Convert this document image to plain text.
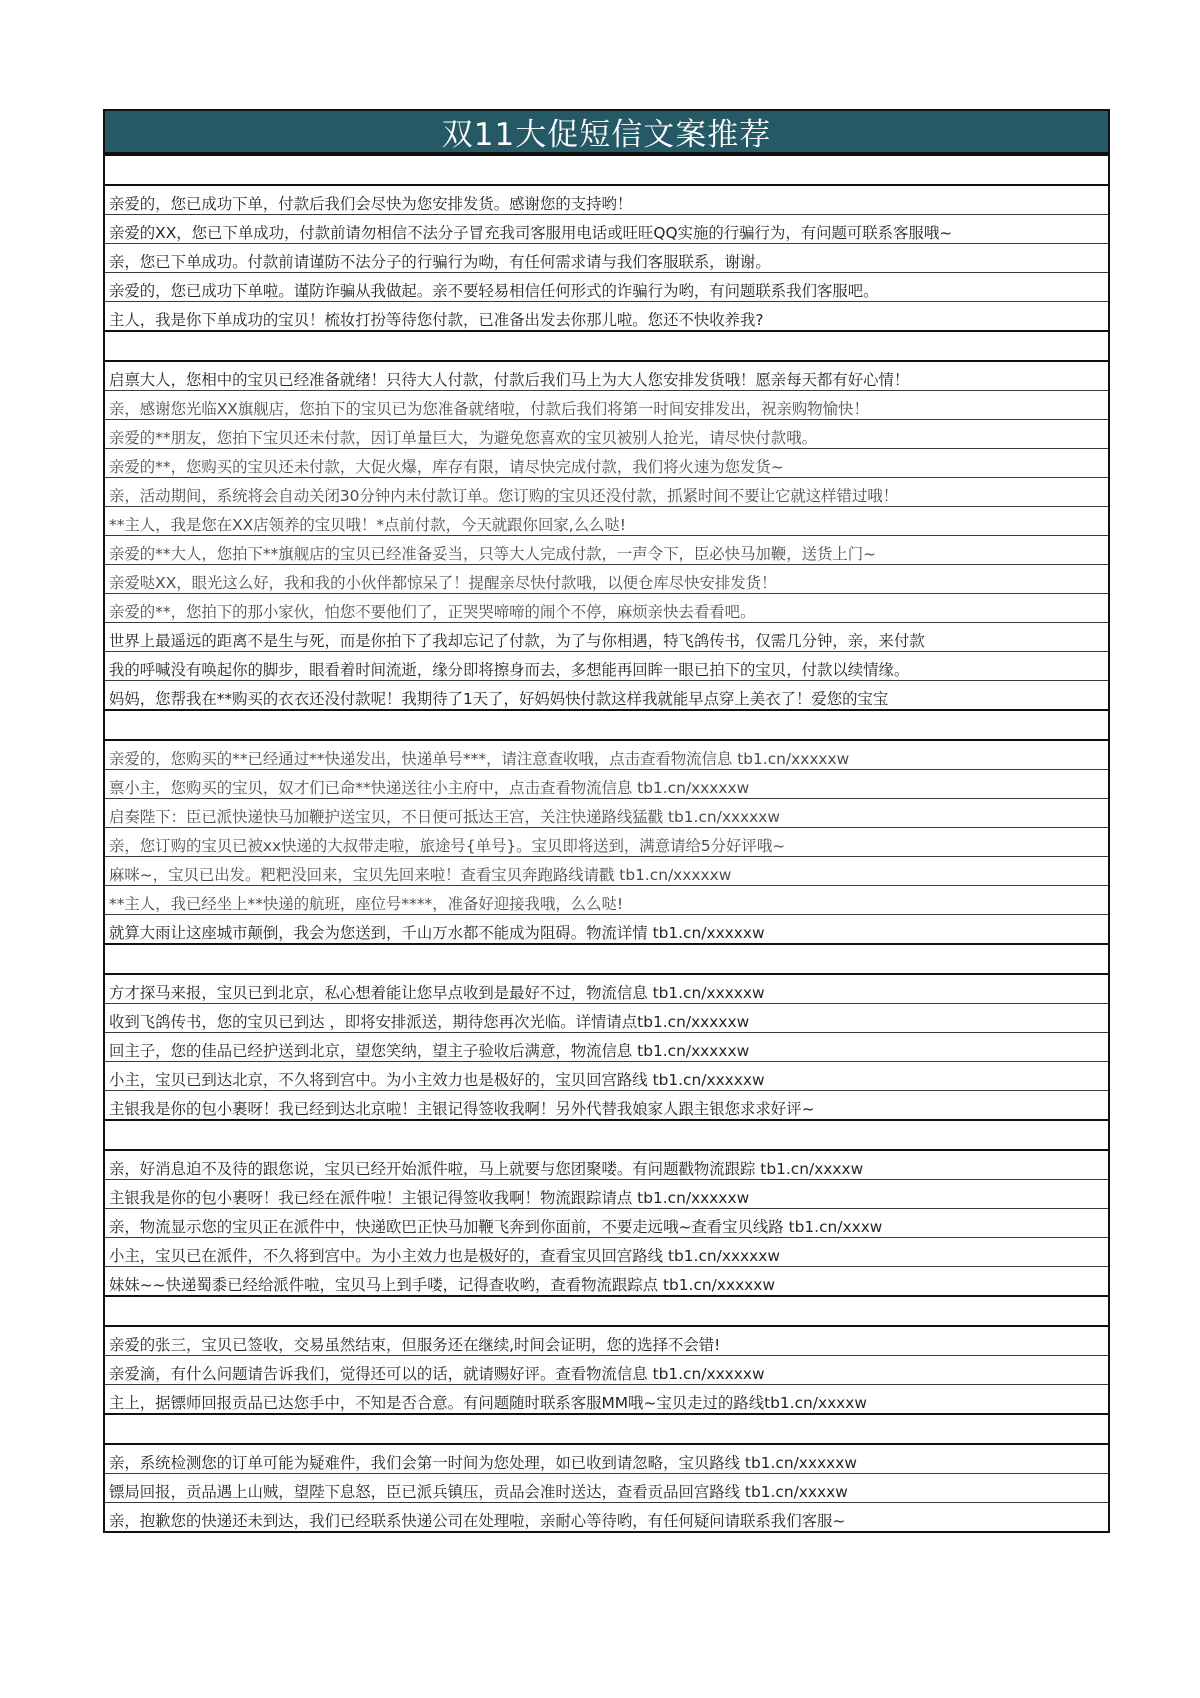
双11大促短信文案推荐

亲爱的，您已成功下单，付款后我们会尽快为您安排发货。感谢您的支持哟！
亲爱的XX，您已下单成功，付款前请勿相信不法分子冒充我司客服用电话或旺旺QQ实施的行骗行为，有问题可联系客服哦~
亲，您已下单成功。付款前请谨防不法分子的行骗行为呦，有任何需求请与我们客服联系，谢谢。
亲爱的，您已成功下单啦。谨防诈骗从我做起。亲不要轻易相信任何形式的诈骗行为哟，有问题联系我们客服吧。
主人，我是你下单成功的宝贝！梳妆打扮等待您付款，已准备出发去你那儿啦。您还不快收养我?

启禀大人，您相中的宝贝已经准备就绪！只待大人付款，付款后我们马上为大人您安排发货哦！愿亲每天都有好心情！
亲，感谢您光临XX旗舰店，您拍下的宝贝已为您准备就绪啦，付款后我们将第一时间安排发出，祝亲购物愉快！
亲爱的**朋友，您拍下宝贝还未付款，因订单量巨大，为避免您喜欢的宝贝被别人抢光，请尽快付款哦。
亲爱的**，您购买的宝贝还未付款，大促火爆，库存有限，请尽快完成付款，我们将火速为您发货~
亲，活动期间，系统将会自动关闭30分钟内未付款订单。您订购的宝贝还没付款，抓紧时间不要让它就这样错过哦！
**主人，我是您在XX店领养的宝贝哦！*点前付款，今天就跟你回家,么么哒!
亲爱的**大人，您拍下**旗舰店的宝贝已经准备妥当，只等大人完成付款，一声令下，臣必快马加鞭，送货上门~
亲爱哒XX，眼光这么好，我和我的小伙伴都惊呆了！提醒亲尽快付款哦，以便仓库尽快安排发货！
亲爱的**，您拍下的那小家伙，怕您不要他们了，正哭哭啼啼的闹个不停，麻烦亲快去看看吧。
世界上最遥远的距离不是生与死，而是你拍下了我却忘记了付款，为了与你相遇，特飞鸽传书，仅需几分钟，亲，来付款
我的呼喊没有唤起你的脚步，眼看着时间流逝，缘分即将擦身而去，多想能再回眸一眼已拍下的宝贝，付款以续情缘。
妈妈，您帮我在**购买的衣衣还没付款呢！我期待了1天了，好妈妈快付款这样我就能早点穿上美衣了！爱您的宝宝

亲爱的，您购买的**已经通过**快递发出，快递单号***，请注意查收哦，点击查看物流信息 tb1.cn/xxxxxw
禀小主，您购买的宝贝，奴才们已命**快递送往小主府中，点击查看物流信息 tb1.cn/xxxxxw
启奏陛下：臣已派快递快马加鞭护送宝贝，不日便可抵达王宫，关注快递路线猛戳 tb1.cn/xxxxxw
亲，您订购的宝贝已被xx快递的大叔带走啦，旅途号{单号}。宝贝即将送到，满意请给5分好评哦~
麻咪~，宝贝已出发。粑粑没回来，宝贝先回来啦！查看宝贝奔跑路线请戳 tb1.cn/xxxxxw
**主人，我已经坐上**快递的航班，座位号****，准备好迎接我哦，么么哒!
就算大雨让这座城市颠倒，我会为您送到，千山万水都不能成为阻碍。物流详情 tb1.cn/xxxxxw

方才探马来报，宝贝已到北京，私心想着能让您早点收到是最好不过，物流信息 tb1.cn/xxxxxw
收到飞鸽传书，您的宝贝已到达 ，即将安排派送，期待您再次光临。详情请点tb1.cn/xxxxxw
回主子，您的佳品已经护送到北京，望您笑纳，望主子验收后满意，物流信息 tb1.cn/xxxxxw
小主，宝贝已到达北京，不久将到宫中。为小主效力也是极好的，宝贝回宫路线 tb1.cn/xxxxxw
主银我是你的包小裹呀！我已经到达北京啦！主银记得签收我啊！另外代替我娘家人跟主银您求求好评~

亲，好消息迫不及待的跟您说，宝贝已经开始派件啦，马上就要与您团聚喽。有问题戳物流跟踪 tb1.cn/xxxxw
主银我是你的包小裹呀！我已经在派件啦！主银记得签收我啊！物流跟踪请点 tb1.cn/xxxxxw
亲，物流显示您的宝贝正在派件中，快递欧巴正快马加鞭飞奔到你面前，不要走远哦~查看宝贝线路 tb1.cn/xxxw
小主，宝贝已在派件，不久将到宫中。为小主效力也是极好的，查看宝贝回宫路线 tb1.cn/xxxxxw
妹妹~~快递蜀黍已经给派件啦，宝贝马上到手喽，记得查收哟，查看物流跟踪点 tb1.cn/xxxxxw

亲爱的张三，宝贝已签收，交易虽然结束，但服务还在继续,时间会证明，您的选择不会错!
亲爱滴，有什么问题请告诉我们，觉得还可以的话，就请赐好评。查看物流信息 tb1.cn/xxxxxw
主上，据镖师回报贡品已达您手中，不知是否合意。有问题随时联系客服MM哦~宝贝走过的路线tb1.cn/xxxxw

亲，系统检测您的订单可能为疑难件，我们会第一时间为您处理，如已收到请忽略，宝贝路线 tb1.cn/xxxxxw
镖局回报，贡品遇上山贼，望陛下息怒，臣已派兵镇压，贡品会准时送达，查看贡品回宫路线 tb1.cn/xxxxw
亲，抱歉您的快递还未到达，我们已经联系快递公司在处理啦，亲耐心等待哟，有任何疑问请联系我们客服~
